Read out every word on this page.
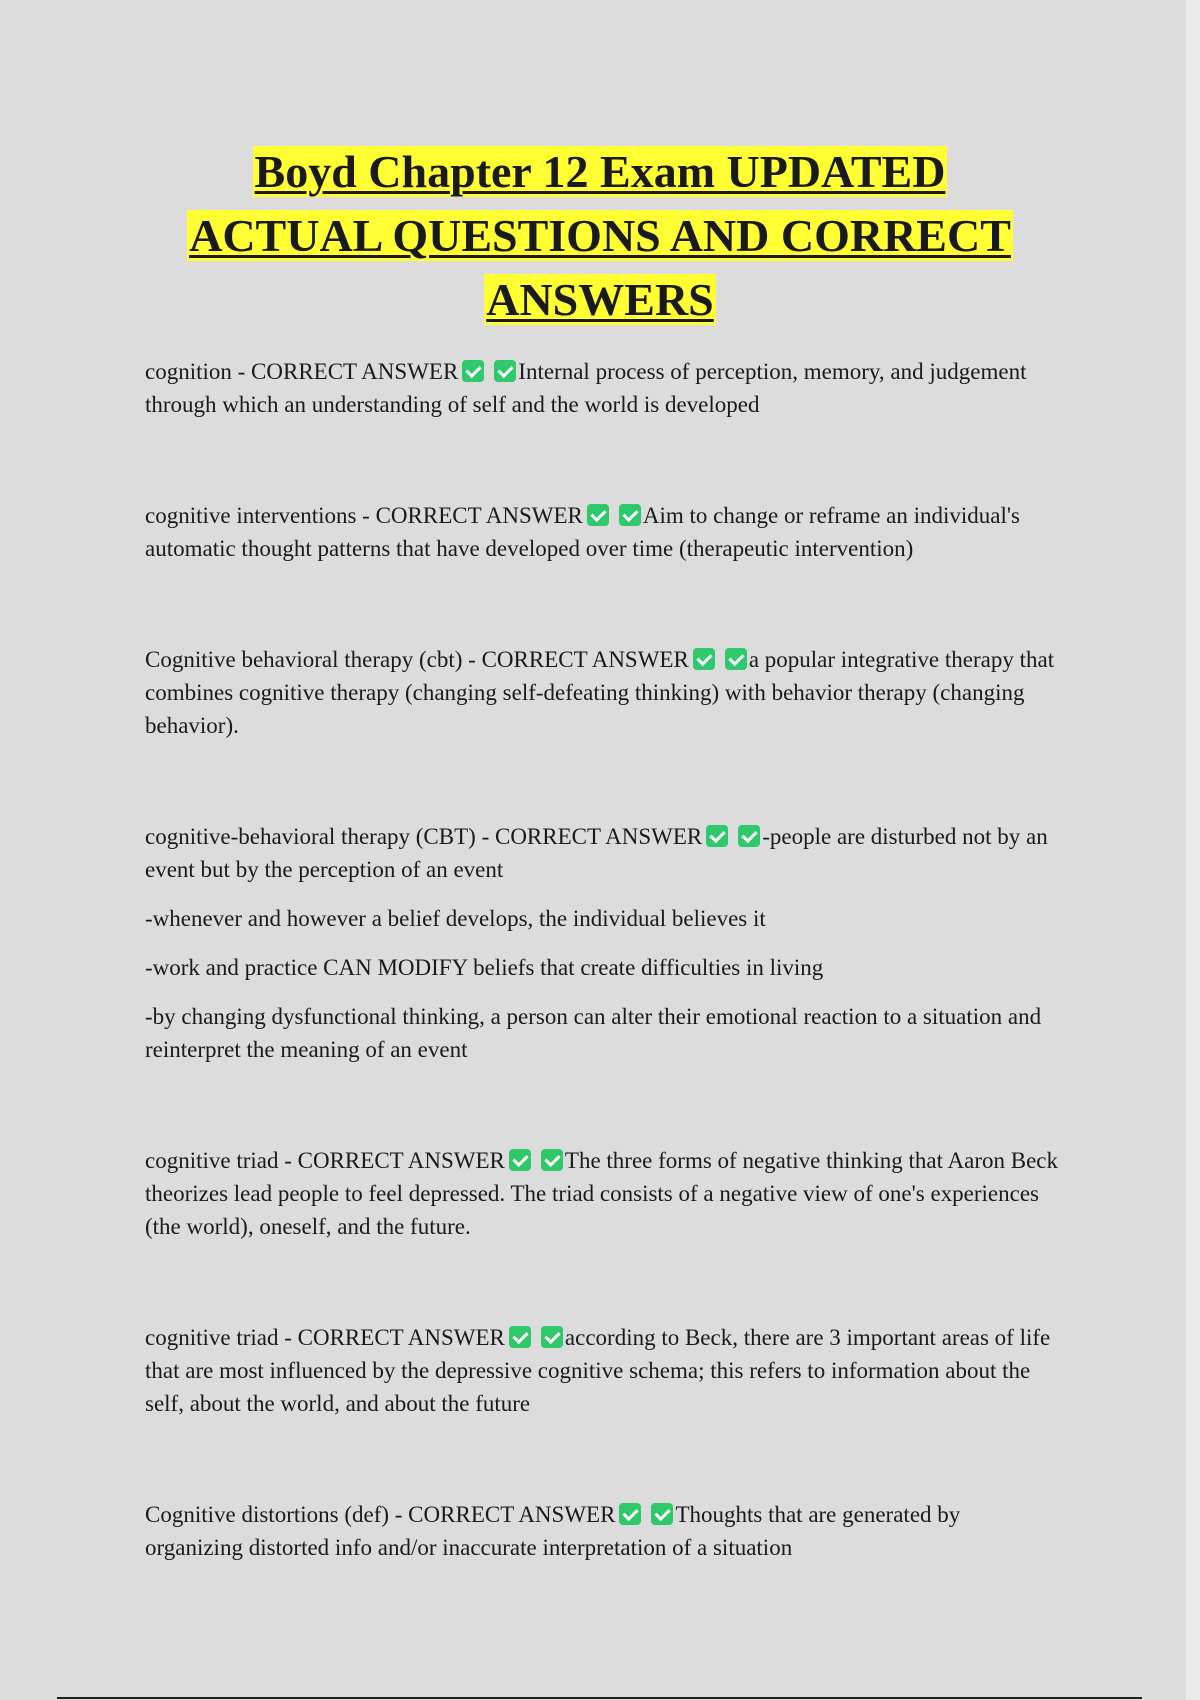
Boyd Chapter 12 Exam UPDATED
ACTUAL QUESTIONS AND CORRECT
ANSWERS

cognition - CORRECT ANSWER	Internal process of perception, memory, and judgement through which an understanding of self and the world is developed

cognitive interventions - CORRECT ANSWER	Aim to change or reframe an individual's automatic thought patterns that have developed over time (therapeutic intervention)

Cognitive behavioral therapy (cbt) - CORRECT ANSWER	a popular integrative therapy that combines cognitive therapy (changing self-defeating thinking) with behavior therapy (changing behavior).

cognitive-behavioral therapy (CBT) - CORRECT ANSWER	-people are disturbed not by an event but by the perception of an event

-whenever and however a belief develops, the individual believes it

-work and practice CAN MODIFY beliefs that create difficulties in living

-by changing dysfunctional thinking, a person can alter their emotional reaction to a situation and reinterpret the meaning of an event

cognitive triad - CORRECT ANSWER	The three forms of negative thinking that Aaron Beck theorizes lead people to feel depressed. The triad consists of a negative view of one's experiences (the world), oneself, and the future.

cognitive triad - CORRECT ANSWER	according to Beck, there are 3 important areas of life that are most influenced by the depressive cognitive schema; this refers to information about the self, about the world, and about the future

Cognitive distortions (def) - CORRECT ANSWER	Thoughts that are generated by organizing distorted info and/or inaccurate interpretation of a situation
